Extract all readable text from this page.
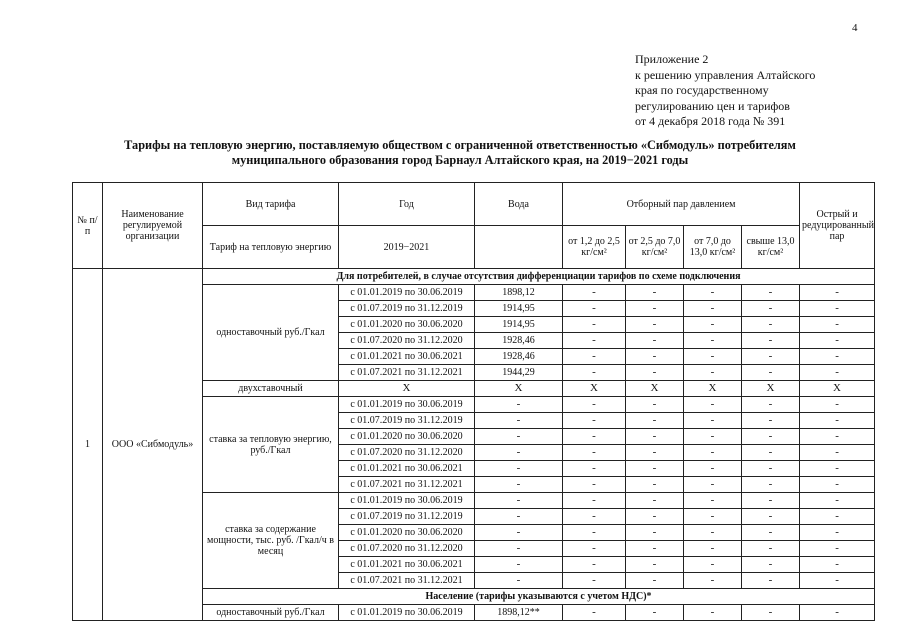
4
Приложение 2
к решению управления Алтайского
края по государственному
регулированию цен и тарифов
от 4 декабря 2018 года № 391
Тарифы на тепловую энергию, поставляемую обществом с ограниченной ответственностью «Сибмодуль» потребителям
муниципального образования город Барнаул Алтайского края, на 2019−2021 годы
№ п/п	Наименование регулируемой организации	Вид тарифа	Год	Вода	Отборный пар давлением				Острый и редуцированный пар
		Тариф на тепловую энергию	2019−2021		от 1,2 до 2,5 кг/см²	от 2,5 до 7,0 кг/см²	от 7,0 до 13,0 кг/см²	свыше 13,0 кг/см²	
1	ООО «Сибмодуль»	Для потребителей, в случае отсутствия дифференциации тарифов по схеме подключения							
		одноставочный руб./Гкал	с 01.01.2019 по 30.06.2019	1898,12	-	-	-	-	-
			с 01.07.2019 по 31.12.2019	1914,95	-	-	-	-	-
			с 01.01.2020 по 30.06.2020	1914,95	-	-	-	-	-
			с 01.07.2020 по 31.12.2020	1928,46	-	-	-	-	-
			с 01.01.2021 по 30.06.2021	1928,46	-	-	-	-	-
			с 01.07.2021 по 31.12.2021	1944,29	-	-	-	-	-
		двухставочный	Х	Х	Х	Х	Х	Х	Х
		ставка за тепловую энергию, руб./Гкал	с 01.01.2019 по 30.06.2019	-	-	-	-	-	-
			с 01.07.2019 по 31.12.2019	-	-	-	-	-	-
			с 01.01.2020 по 30.06.2020	-	-	-	-	-	-
			с 01.07.2020 по 31.12.2020	-	-	-	-	-	-
			с 01.01.2021 по 30.06.2021	-	-	-	-	-	-
			с 01.07.2021 по 31.12.2021	-	-	-	-	-	-
		ставка за содержание мощности, тыс. руб. /Гкал/ч в месяц	с 01.01.2019 по 30.06.2019	-	-	-	-	-	-
			с 01.07.2019 по 31.12.2019	-	-	-	-	-	-
			с 01.01.2020 по 30.06.2020	-	-	-	-	-	-
			с 01.07.2020 по 31.12.2020	-	-	-	-	-	-
			с 01.01.2021 по 30.06.2021	-	-	-	-	-	-
			с 01.07.2021 по 31.12.2021	-	-	-	-	-	-
		Население (тарифы указываются с учетом НДС)*							
		одноставочный руб./Гкал	с 01.01.2019 по 30.06.2019	1898,12**	-	-	-	-	-
